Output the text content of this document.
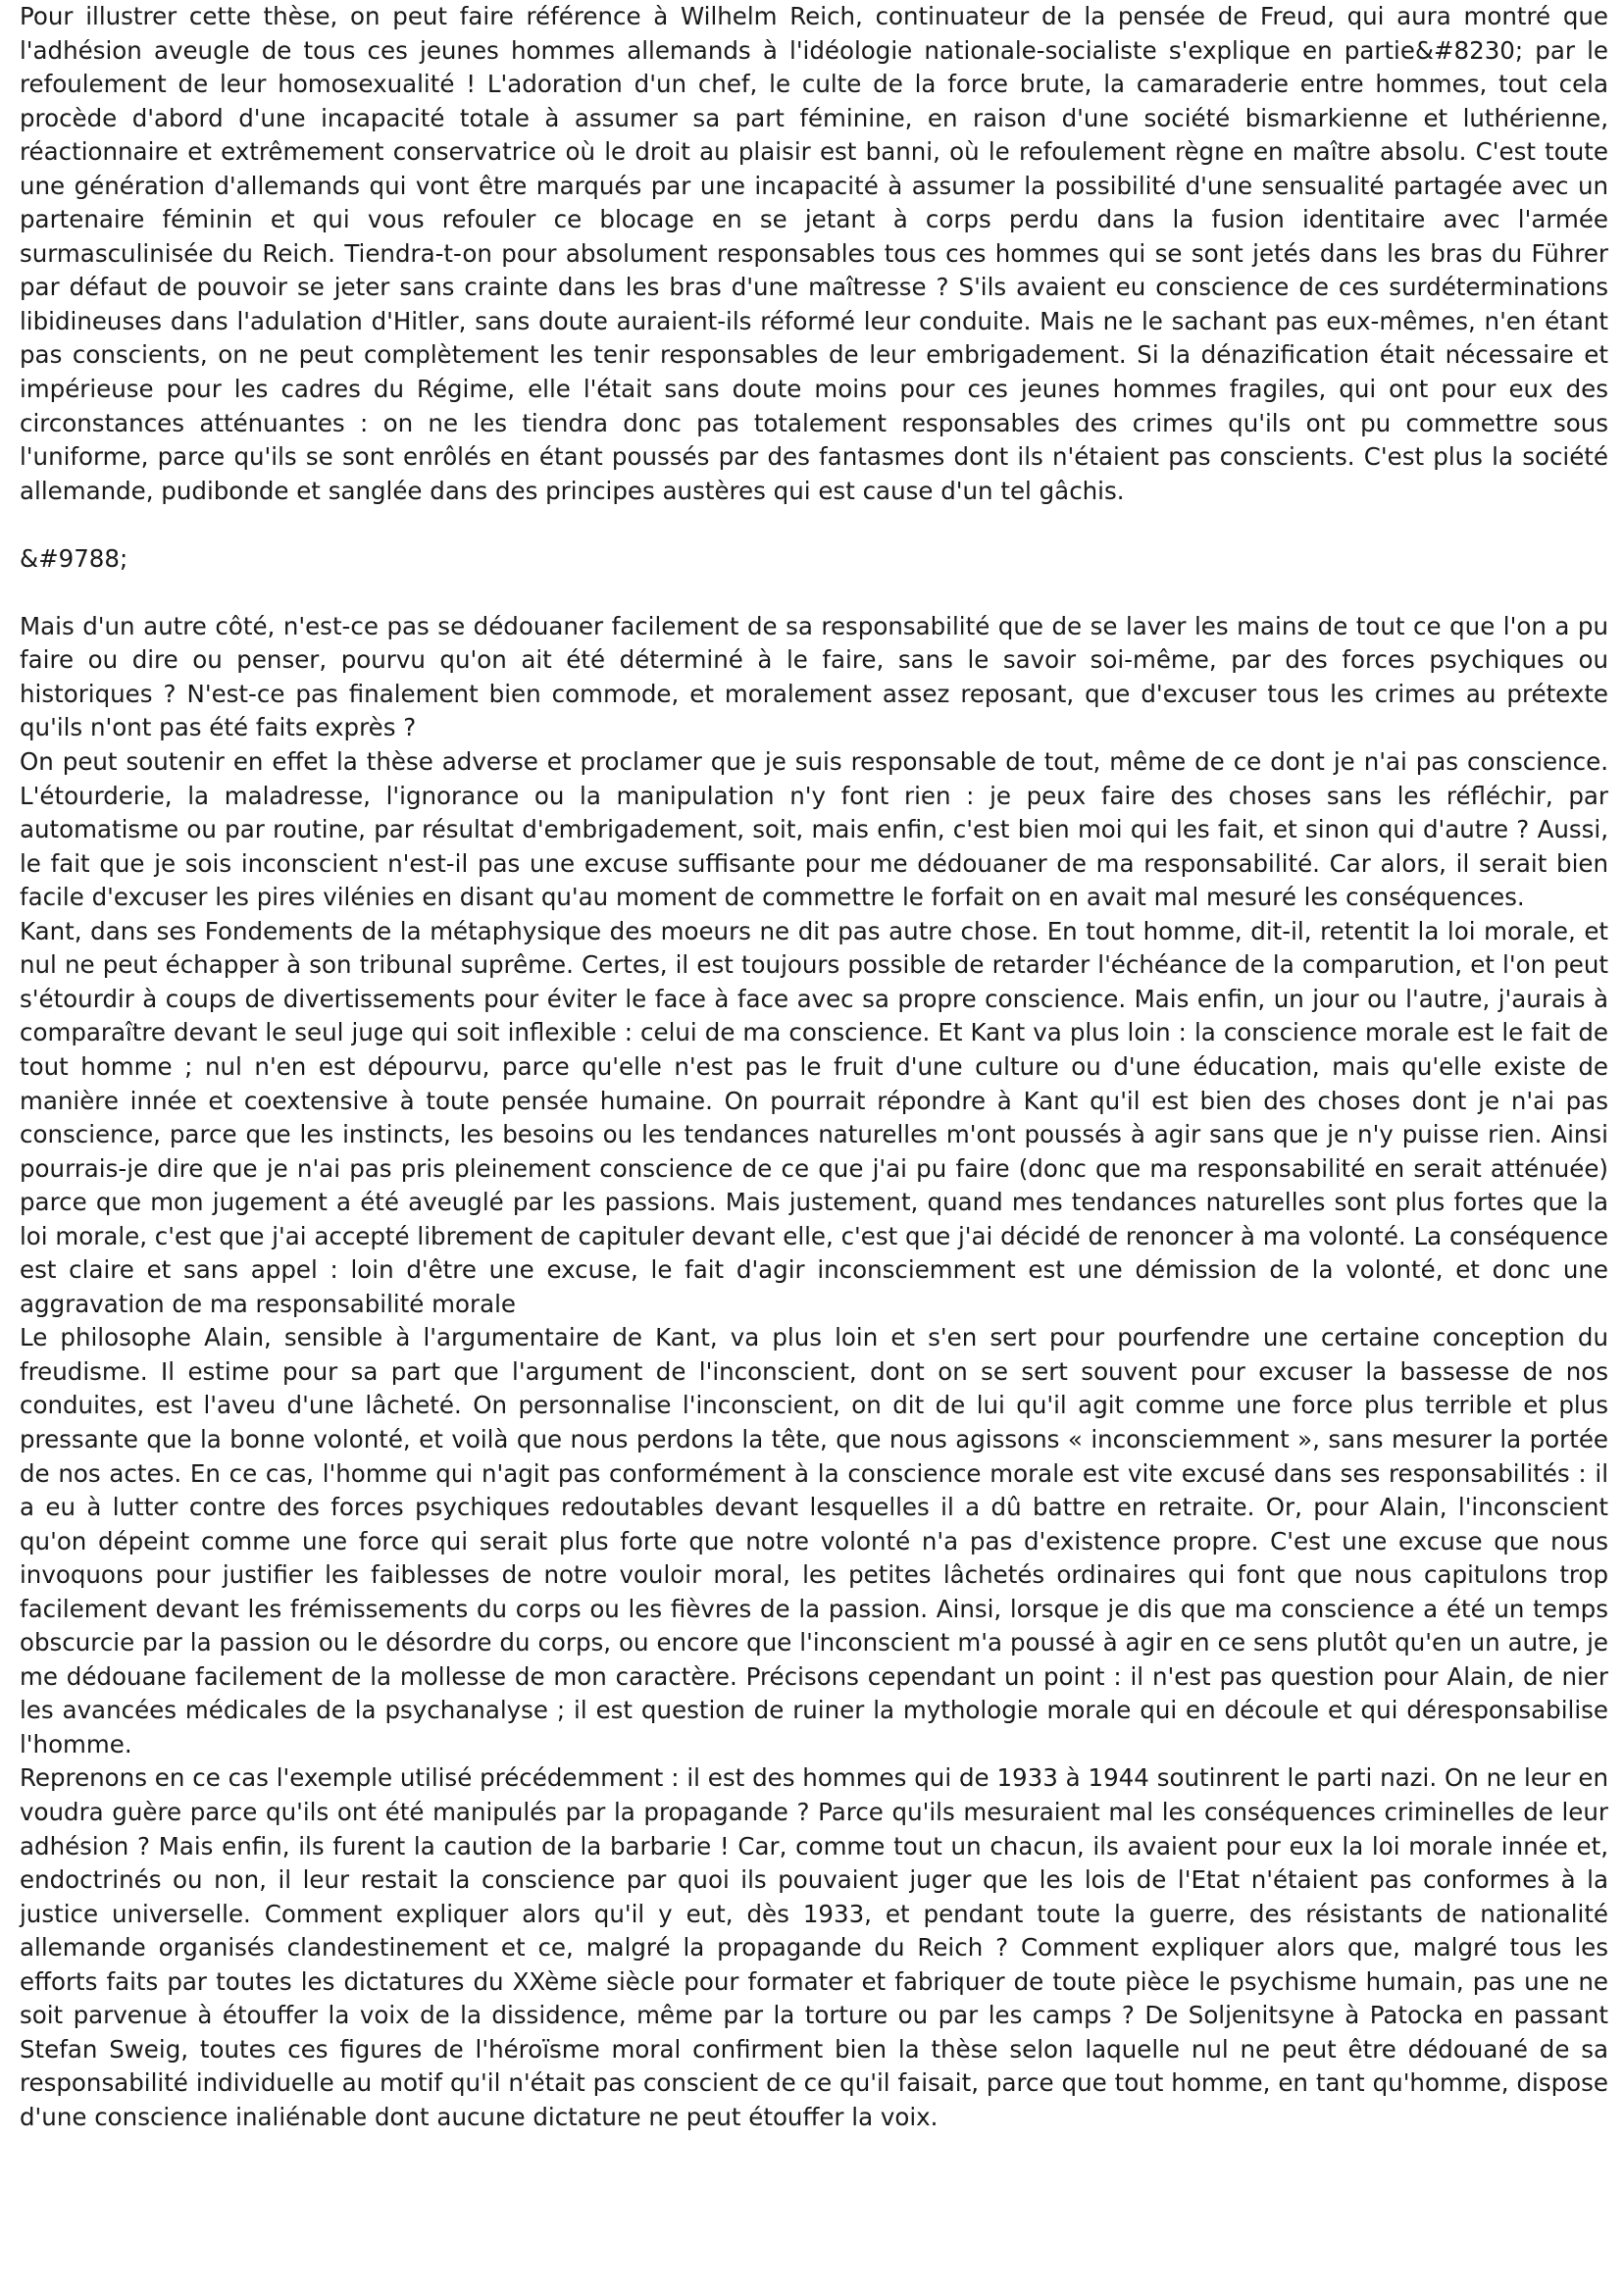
Pour illustrer cette thèse, on peut faire référence à Wilhelm Reich, continuateur de la pensée de Freud, qui aura montré que l'adhésion aveugle de tous ces jeunes hommes allemands à l'idéologie nationale-socialiste s'explique en partie&#8230; par le refoulement de leur homosexualité ! L'adoration d'un chef, le culte de la force brute, la camaraderie entre hommes, tout cela procède d'abord d'une incapacité totale à assumer sa part féminine, en raison d'une société bismarkienne et luthérienne, réactionnaire et extrêmement conservatrice où le droit au plaisir est banni, où le refoulement règne en maître absolu. C'est toute une génération d'allemands qui vont être marqués par une incapacité à assumer la possibilité d'une sensualité partagée avec un partenaire féminin et qui vous refouler ce blocage en se jetant à corps perdu dans la fusion identitaire avec l'armée surmasculinisée du Reich. Tiendra-t-on pour absolument responsables tous ces hommes qui se sont jetés dans les bras du Führer par défaut de pouvoir se jeter sans crainte dans les bras d'une maîtresse ? S'ils avaient eu conscience de ces surdéterminations libidineuses dans l'adulation d'Hitler, sans doute auraient-ils réformé leur conduite. Mais ne le sachant pas eux-mêmes, n'en étant pas conscients, on ne peut complètement les tenir responsables de leur embrigadement. Si la dénazification était nécessaire et impérieuse pour les cadres du Régime, elle l'était sans doute moins pour ces jeunes hommes fragiles, qui ont pour eux des circonstances atténuantes : on ne les tiendra donc pas totalement responsables des crimes qu'ils ont pu commettre sous l'uniforme, parce qu'ils se sont enrôlés en étant poussés par des fantasmes dont ils n'étaient pas conscients. C'est plus la société allemande, pudibonde et sanglée dans des principes austères qui est cause d'un tel gâchis.

&#9788;

Mais d'un autre côté, n'est-ce pas se dédouaner facilement de sa responsabilité que de se laver les mains de tout ce que l'on a pu faire ou dire ou penser, pourvu qu'on ait été déterminé à le faire, sans le savoir soi-même, par des forces psychiques ou historiques ? N'est-ce pas finalement bien commode, et moralement assez reposant, que d'excuser tous les crimes au prétexte qu'ils n'ont pas été faits exprès ?

On peut soutenir en effet la thèse adverse et proclamer que je suis responsable de tout, même de ce dont je n'ai pas conscience. L'étourderie, la maladresse, l'ignorance ou la manipulation n'y font rien : je peux faire des choses sans les réfléchir, par automatisme ou par routine, par résultat d'embrigadement, soit, mais enfin, c'est bien moi qui les fait, et sinon qui d'autre ? Aussi, le fait que je sois inconscient n'est-il pas une excuse suffisante pour me dédouaner de ma responsabilité. Car alors, il serait bien facile d'excuser les pires vilénies en disant qu'au moment de commettre le forfait on en avait mal mesuré les conséquences.

Kant, dans ses Fondements de la métaphysique des moeurs ne dit pas autre chose. En tout homme, dit-il, retentit la loi morale, et nul ne peut échapper à son tribunal suprême. Certes, il est toujours possible de retarder l'échéance de la comparution, et l'on peut s'étourdir à coups de divertissements pour éviter le face à face avec sa propre conscience. Mais enfin, un jour ou l'autre, j'aurais à comparaître devant le seul juge qui soit inflexible : celui de ma conscience. Et Kant va plus loin : la conscience morale est le fait de tout homme ; nul n'en est dépourvu, parce qu'elle n'est pas le fruit d'une culture ou d'une éducation, mais qu'elle existe de manière innée et coextensive à toute pensée humaine. On pourrait répondre à Kant qu'il est bien des choses dont je n'ai pas conscience, parce que les instincts, les besoins ou les tendances naturelles m'ont poussés à agir sans que je n'y puisse rien. Ainsi pourrais-je dire que je n'ai pas pris pleinement conscience de ce que j'ai pu faire (donc que ma responsabilité en serait atténuée) parce que mon jugement a été aveuglé par les passions. Mais justement, quand mes tendances naturelles sont plus fortes que la loi morale, c'est que j'ai accepté librement de capituler devant elle, c'est que j'ai décidé de renoncer à ma volonté. La conséquence est claire et sans appel : loin d'être une excuse, le fait d'agir inconsciemment est une démission de la volonté, et donc une aggravation de ma responsabilité morale

Le philosophe Alain, sensible à l'argumentaire de Kant, va plus loin et s'en sert pour pourfendre une certaine conception du freudisme. Il estime pour sa part que l'argument de l'inconscient, dont on se sert souvent pour excuser la bassesse de nos conduites, est l'aveu d'une lâcheté. On personnalise l'inconscient, on dit de lui qu'il agit comme une force plus terrible et plus pressante que la bonne volonté, et voilà que nous perdons la tête, que nous agissons « inconsciemment », sans mesurer la portée de nos actes. En ce cas, l'homme qui n'agit pas conformément à la conscience morale est vite excusé dans ses responsabilités : il a eu à lutter contre des forces psychiques redoutables devant lesquelles il a dû battre en retraite. Or, pour Alain, l'inconscient qu'on dépeint comme une force qui serait plus forte que notre volonté n'a pas d'existence propre. C'est une excuse que nous invoquons pour justifier les faiblesses de notre vouloir moral, les petites lâchetés ordinaires qui font que nous capitulons trop facilement devant les frémissements du corps ou les fièvres de la passion. Ainsi, lorsque je dis que ma conscience a été un temps obscurcie par la passion ou le désordre du corps, ou encore que l'inconscient m'a poussé à agir en ce sens plutôt qu'en un autre, je me dédouane facilement de la mollesse de mon caractère. Précisons cependant un point : il n'est pas question pour Alain, de nier les avancées médicales de la psychanalyse ; il est question de ruiner la mythologie morale qui en découle et qui déresponsabilise l'homme.

Reprenons en ce cas l'exemple utilisé précédemment : il est des hommes qui de 1933 à 1944 soutinrent le parti nazi. On ne leur en voudra guère parce qu'ils ont été manipulés par la propagande ? Parce qu'ils mesuraient mal les conséquences criminelles de leur adhésion ? Mais enfin, ils furent la caution de la barbarie ! Car, comme tout un chacun, ils avaient pour eux la loi morale innée et, endoctrinés ou non, il leur restait la conscience par quoi ils pouvaient juger que les lois de l'Etat n'étaient pas conformes à la justice universelle. Comment expliquer alors qu'il y eut, dès 1933, et pendant toute la guerre, des résistants de nationalité allemande organisés clandestinement et ce, malgré la propagande du Reich ? Comment expliquer alors que, malgré tous les efforts faits par toutes les dictatures du XXème siècle pour formater et fabriquer de toute pièce le psychisme humain, pas une ne soit parvenue à étouffer la voix de la dissidence, même par la torture ou par les camps ? De Soljenitsyne à Patocka en passant Stefan Sweig, toutes ces figures de l'héroïsme moral confirment bien la thèse selon laquelle nul ne peut être dédouané de sa responsabilité individuelle au motif qu'il n'était pas conscient de ce qu'il faisait, parce que tout homme, en tant qu'homme, dispose d'une conscience inaliénable dont aucune dictature ne peut étouffer la voix.
